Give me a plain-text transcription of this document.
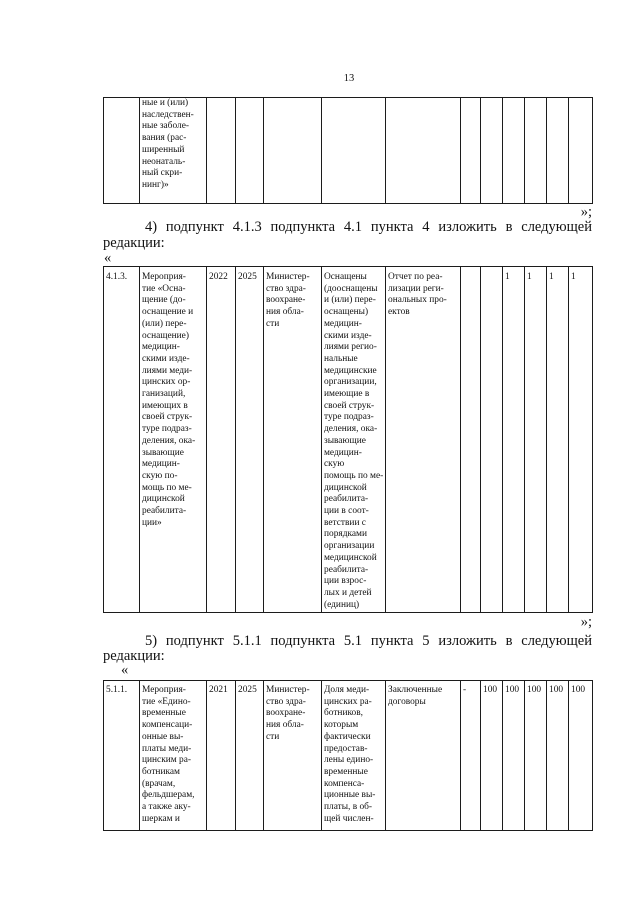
13
	ные и (или)
наследствен-
ные заболе-
вания (рас-
ширенный
неонаталь-
ный скри-
нинг)»											
»;
4) подпункт 4.1.3 подпункта 4.1 пункта 4 изложить в следующей
редакции:
«
4.1.3.	Мероприя-
тие «Осна-
щение (до-
оснащение и
(или) пере-
оснащение)
медицин-
скими изде-
лиями меди-
цинских ор-
ганизаций,
имеющих в
своей струк-
туре подраз-
деления, ока-
зывающие
медицин-
скую по-
мощь по ме-
дицинской
реабилита-
ции»	2022	2025	Министер-
ство здра-
воохране-
ния обла-
сти	Оснащены
(дооснащены
и (или) пере-
оснащены)
медицин-
скими изде-
лиями регио-
нальные
медицинские
организации,
имеющие в
своей струк-
туре подраз-
деления, ока-
зывающие
медицин-
скую
помощь по ме-
дицинской
реабилита-
ции в соот-
ветствии с
порядками
организации
медицинской
реабилита-
ции взрос-
лых и детей
(единиц)	Отчет по реа-
лизации реги-
ональных про-
ектов			1	1	1	1
»;
5) подпункт 5.1.1 подпункта 5.1 пункта 5 изложить в следующей
редакции:
«
5.1.1.	Мероприя-
тие «Едино-
временные
компенсаци-
онные вы-
платы меди-
цинским ра-
ботникам
(врачам,
фельдшерам,
а также аку-
шеркам и	2021	2025	Министер-
ство здра-
воохране-
ния обла-
сти	Доля меди-
цинских ра-
ботников,
которым
фактически
предостав-
лены едино-
временные
компенса-
ционные вы-
платы, в об-
щей числен-	Заключенные
договоры	-	100	100	100	100	100
